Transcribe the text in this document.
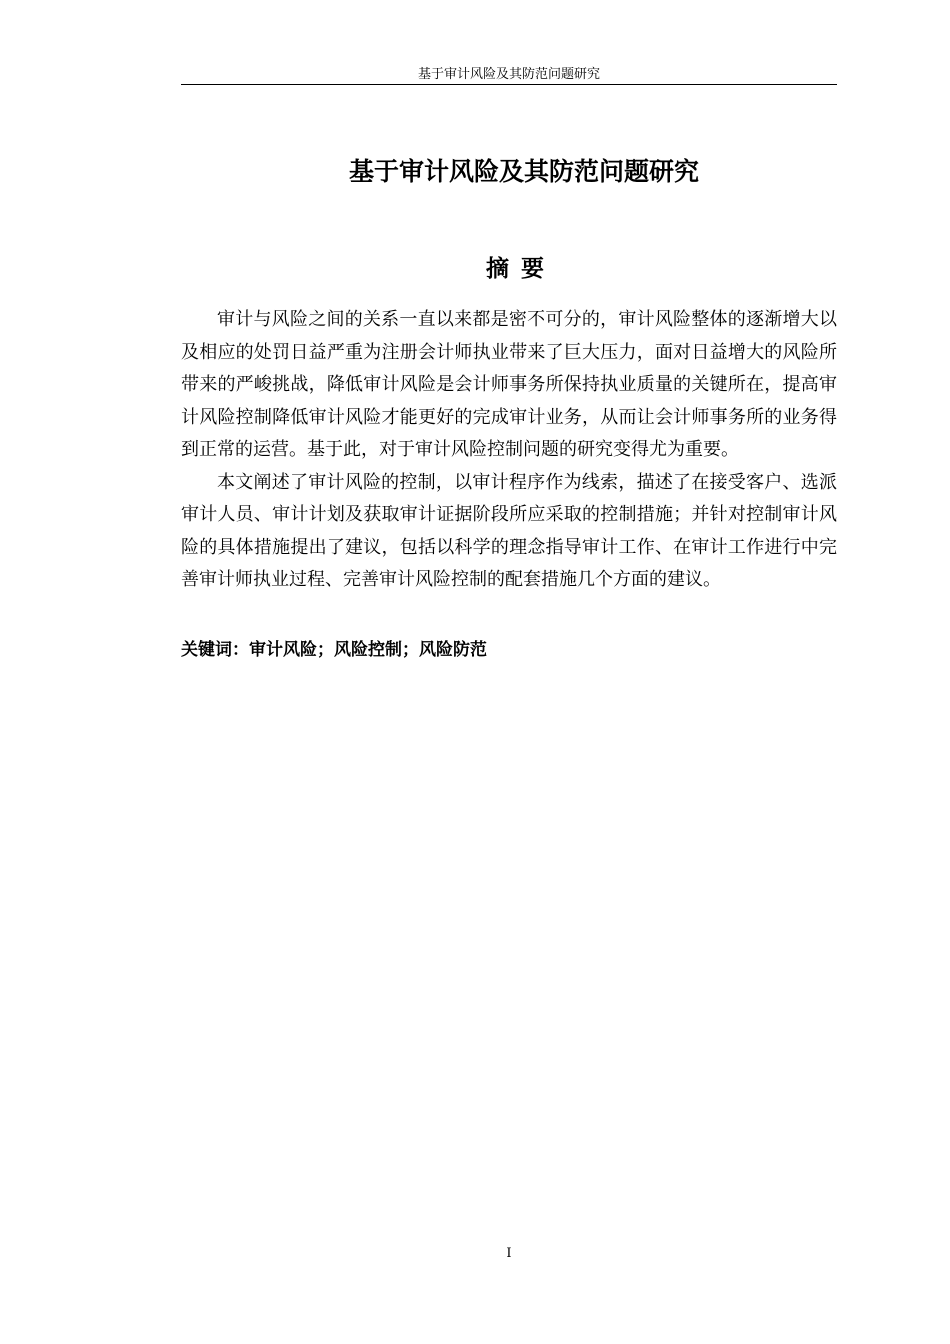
基于审计风险及其防范问题研究
基于审计风险及其防范问题研究
摘要

审计与风险之间的关系一直以来都是密不可分的，审计风险整体的逐渐增大以及相应的处罚日益严重为注册会计师执业带来了巨大压力，面对日益增大的风险所带来的严峻挑战，降低审计风险是会计师事务所保持执业质量的关键所在，提高审计风险控制降低审计风险才能更好的完成审计业务，从而让会计师事务所的业务得到正常的运营。基于此，对于审计风险控制问题的研究变得尤为重要。

本文阐述了审计风险的控制，以审计程序作为线索，描述了在接受客户、选派审计人员、审计计划及获取审计证据阶段所应采取的控制措施；并针对控制审计风险的具体措施提出了建议，包括以科学的理念指导审计工作、在审计工作进行中完善审计师执业过程、完善审计风险控制的配套措施几个方面的建议。

关键词：审计风险；风险控制；风险防范
I
